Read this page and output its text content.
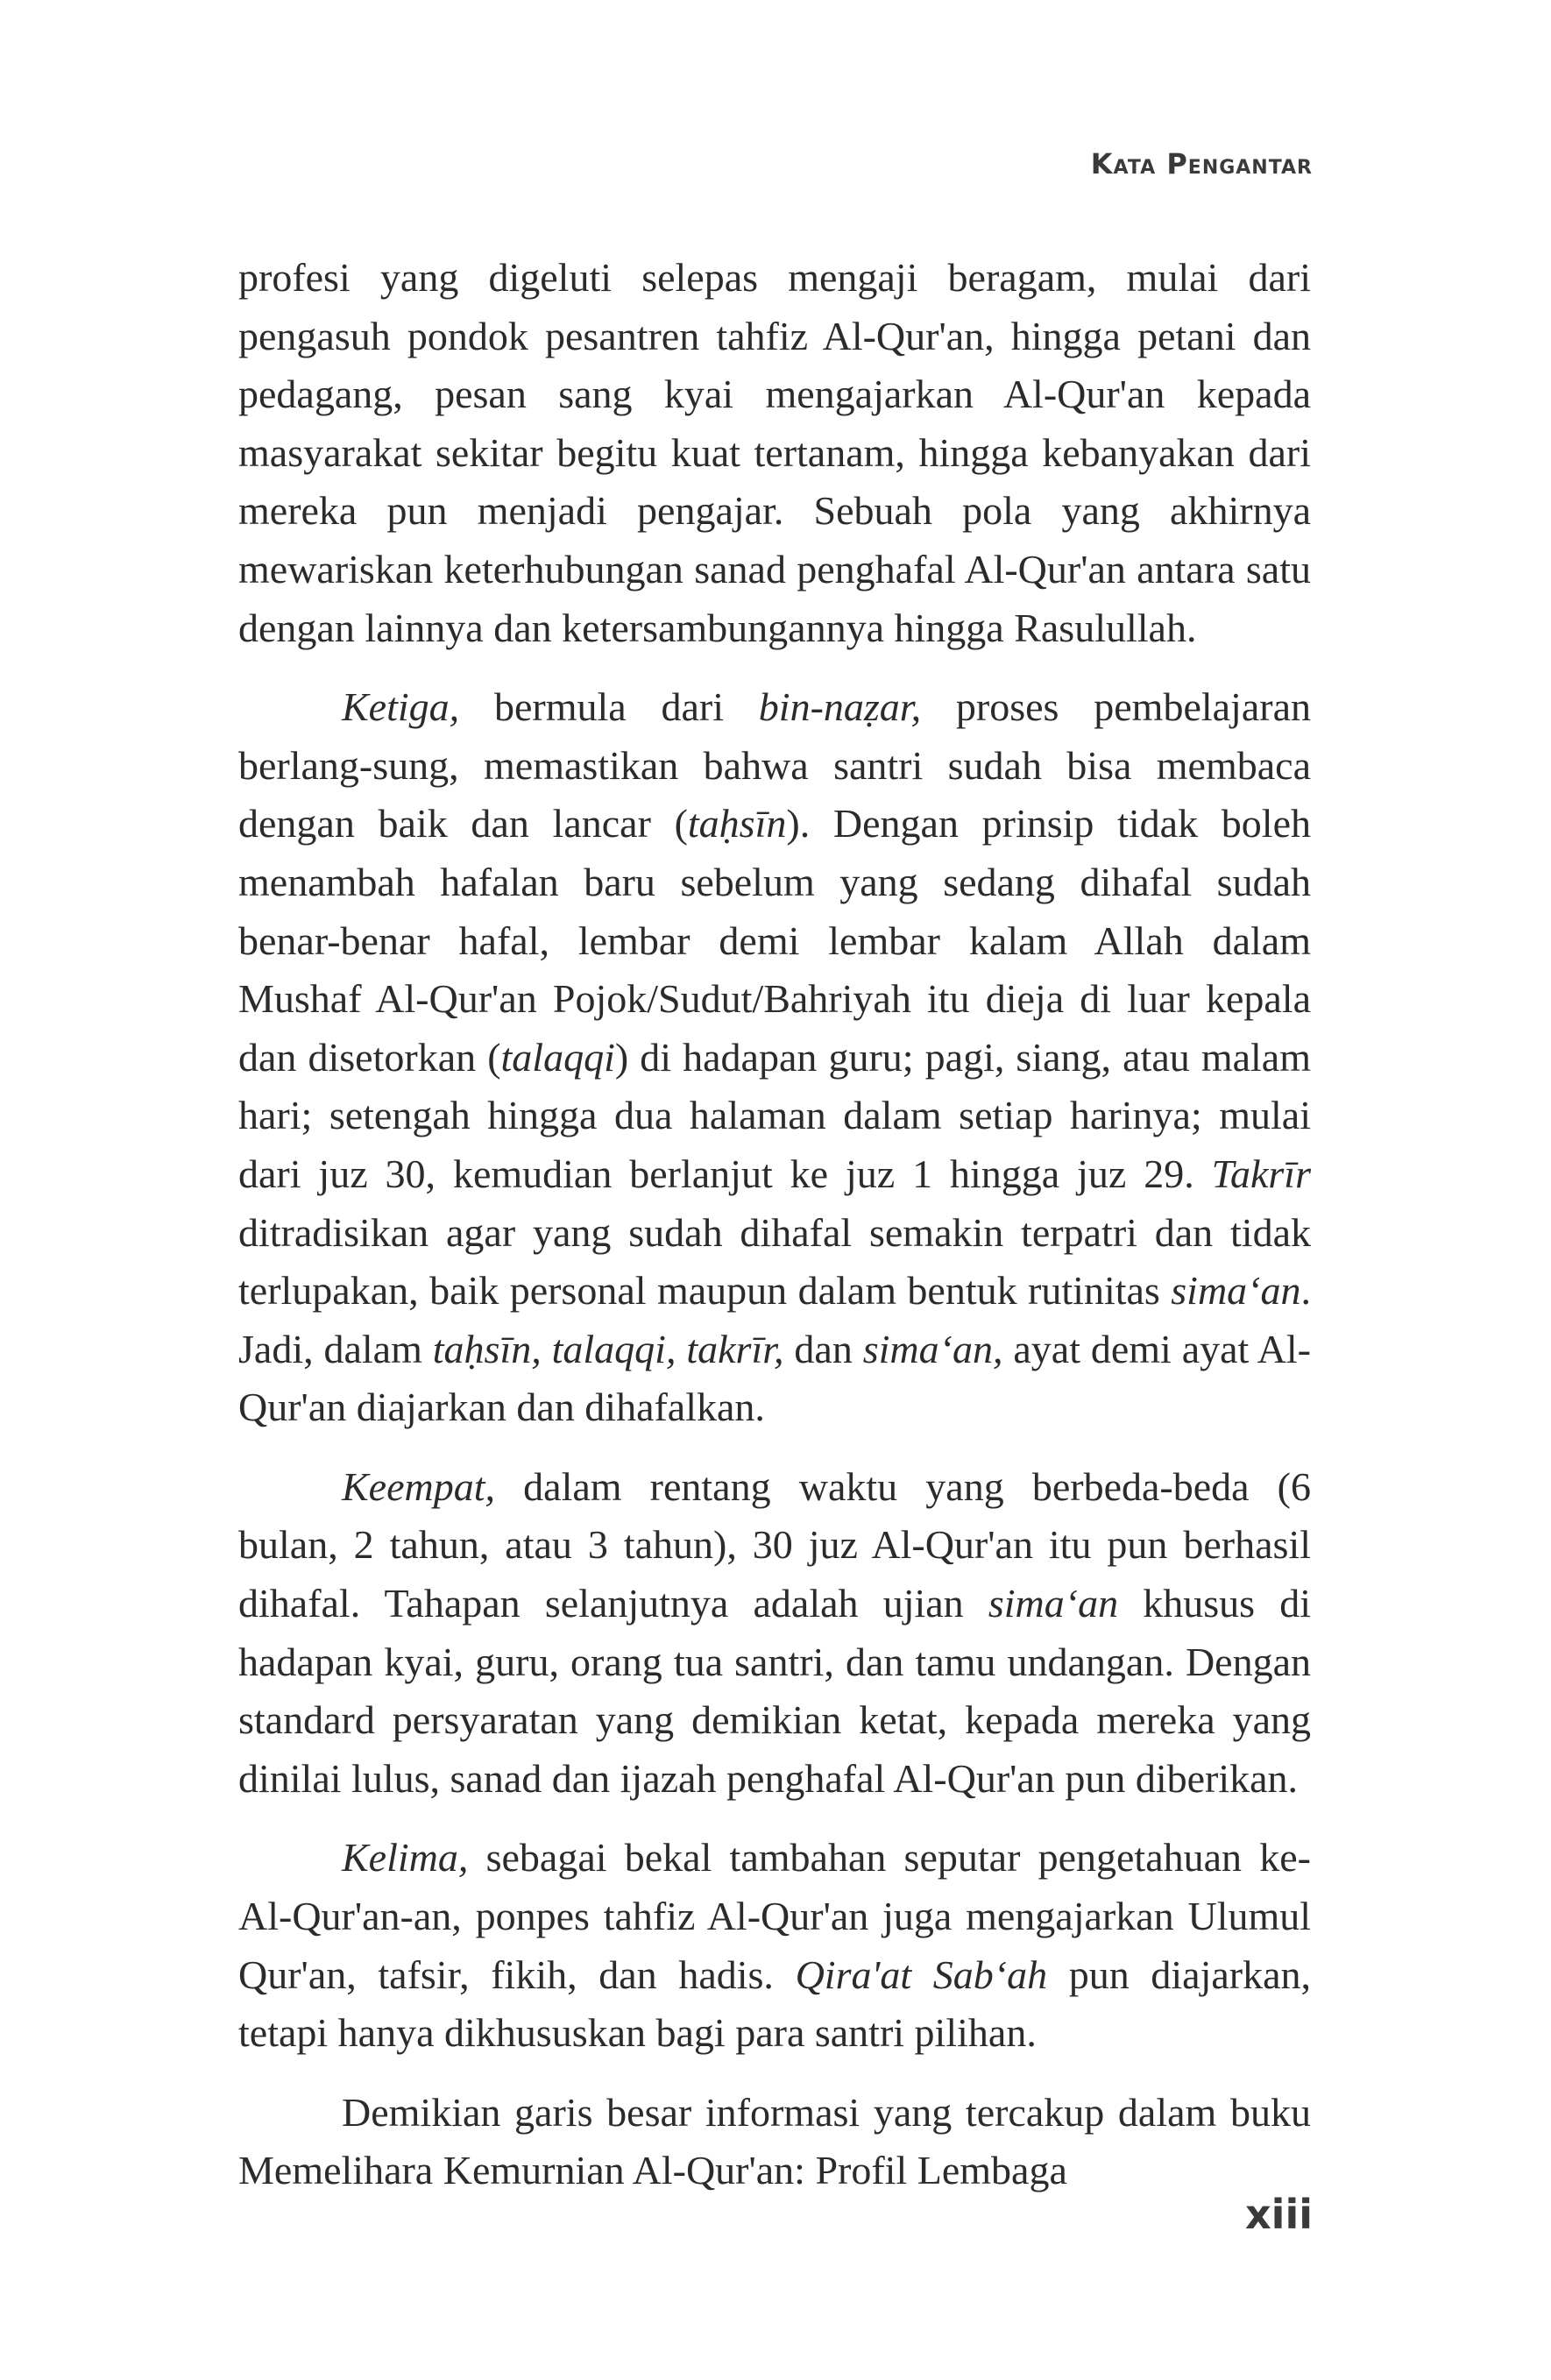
Kata Pengantar

profesi yang digeluti selepas mengaji beragam, mulai dari pengasuh pondok pesantren tahfiz Al-Qur'an, hingga petani dan pedagang, pesan sang kyai mengajarkan Al-Qur'an kepada masyarakat sekitar begitu kuat tertanam, hingga kebanyakan dari mereka pun menjadi pengajar. Sebuah pola yang akhirnya mewariskan keterhubungan sanad penghafal Al-Qur'an antara satu dengan lainnya dan ketersambungannya hingga Rasulullah.

Ketiga, bermula dari bin-naẓar, proses pembelajaran berlang-sung, memastikan bahwa santri sudah bisa membaca dengan baik dan lancar (taḥsīn). Dengan prinsip tidak boleh menambah hafalan baru sebelum yang sedang dihafal sudah benar-benar hafal, lembar demi lembar kalam Allah dalam Mushaf Al-Qur'an Pojok/Sudut/Bahriyah itu dieja di luar kepala dan disetorkan (talaqqi) di hadapan guru; pagi, siang, atau malam hari; setengah hingga dua halaman dalam setiap harinya; mulai dari juz 30, kemudian berlanjut ke juz 1 hingga juz 29. Takrīr ditradisikan agar yang sudah dihafal semakin terpatri dan tidak terlupakan, baik personal maupun dalam bentuk rutinitas sima‘an. Jadi, dalam taḥsīn, talaqqi, takrīr, dan sima‘an, ayat demi ayat Al-Qur'an diajarkan dan dihafalkan.

Keempat, dalam rentang waktu yang berbeda-beda (6 bulan, 2 tahun, atau 3 tahun), 30 juz Al-Qur'an itu pun berhasil dihafal. Tahapan selanjutnya adalah ujian sima‘an khusus di hadapan kyai, guru, orang tua santri, dan tamu undangan. Dengan standard persyaratan yang demikian ketat, kepada mereka yang dinilai lulus, sanad dan ijazah penghafal Al-Qur'an pun diberikan.

Kelima, sebagai bekal tambahan seputar pengetahuan ke-Al-Qur'an-an, ponpes tahfiz Al-Qur'an juga mengajarkan Ulumul Qur'an, tafsir, fikih, dan hadis. Qira'at Sab‘ah pun diajarkan, tetapi hanya dikhususkan bagi para santri pilihan.

Demikian garis besar informasi yang tercakup dalam buku Memelihara Kemurnian Al-Qur'an: Profil Lembaga

xiii
